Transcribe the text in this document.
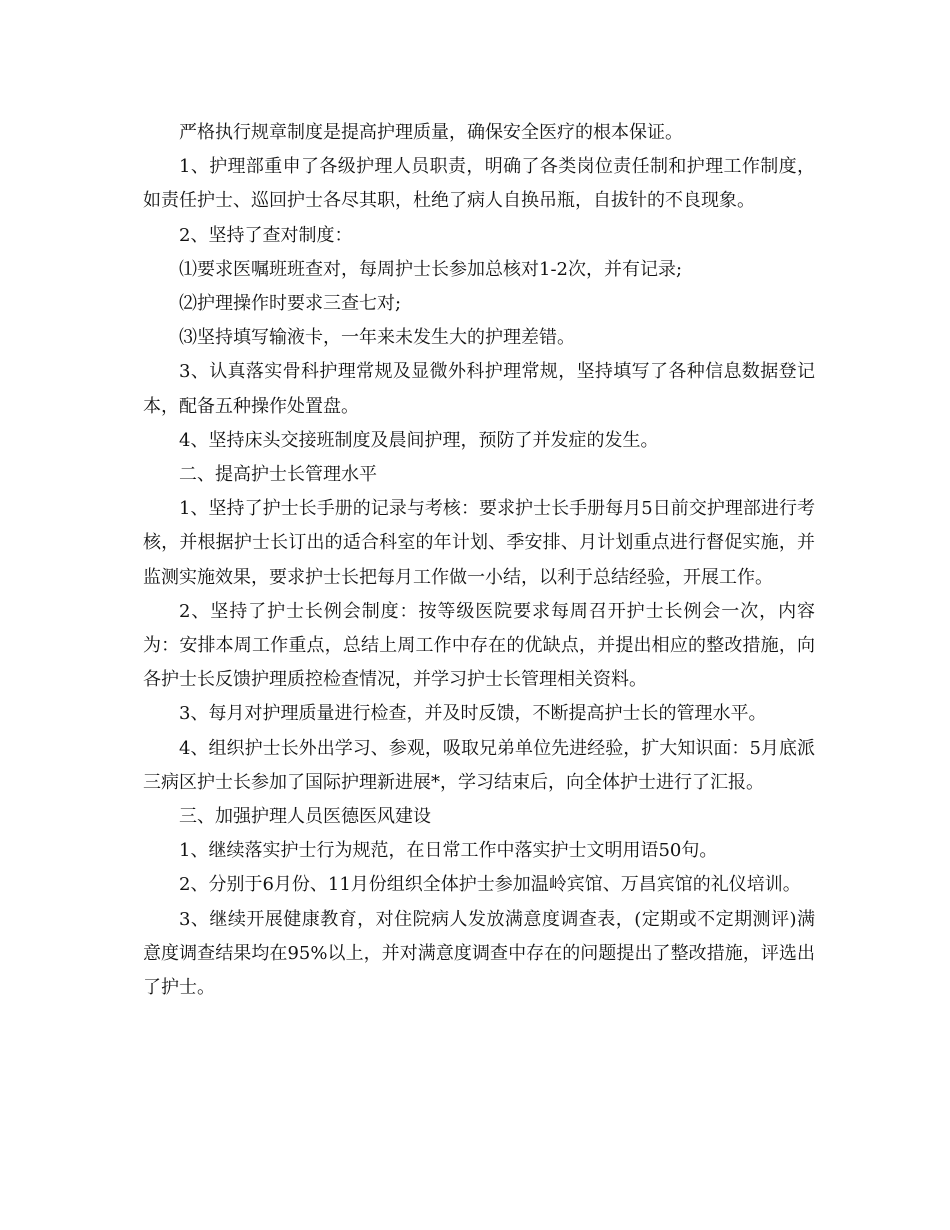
严格执行规章制度是提高护理质量，确保安全医疗的根本保证。

1、护理部重申了各级护理人员职责，明确了各类岗位责任制和护理工作制度，如责任护士、巡回护士各尽其职，杜绝了病人自换吊瓶，自拔针的不良现象。

2、坚持了查对制度：

⑴要求医嘱班班查对，每周护士长参加总核对1-2次，并有记录;

⑵护理操作时要求三查七对;

⑶坚持填写输液卡，一年来未发生大的护理差错。

3、认真落实骨科护理常规及显微外科护理常规，坚持填写了各种信息数据登记本，配备五种操作处置盘。

4、坚持床头交接班制度及晨间护理，预防了并发症的发生。

二、提高护士长管理水平

1、坚持了护士长手册的记录与考核：要求护士长手册每月5日前交护理部进行考核，并根据护士长订出的适合科室的年计划、季安排、月计划重点进行督促实施，并监测实施效果，要求护士长把每月工作做一小结，以利于总结经验，开展工作。

2、坚持了护士长例会制度：按等级医院要求每周召开护士长例会一次，内容为：安排本周工作重点，总结上周工作中存在的优缺点，并提出相应的整改措施，向各护士长反馈护理质控检查情况，并学习护士长管理相关资料。

3、每月对护理质量进行检查，并及时反馈，不断提高护士长的管理水平。

4、组织护士长外出学习、参观，吸取兄弟单位先进经验，扩大知识面：5月底派三病区护士长参加了国际护理新进展*，学习结束后，向全体护士进行了汇报。

三、加强护理人员医德医风建设

1、继续落实护士行为规范，在日常工作中落实护士文明用语50句。

2、分别于6月份、11月份组织全体护士参加温岭宾馆、万昌宾馆的礼仪培训。

3、继续开展健康教育，对住院病人发放满意度调查表，(定期或不定期测评)满意度调查结果均在95%以上，并对满意度调查中存在的问题提出了整改措施，评选出了护士。
